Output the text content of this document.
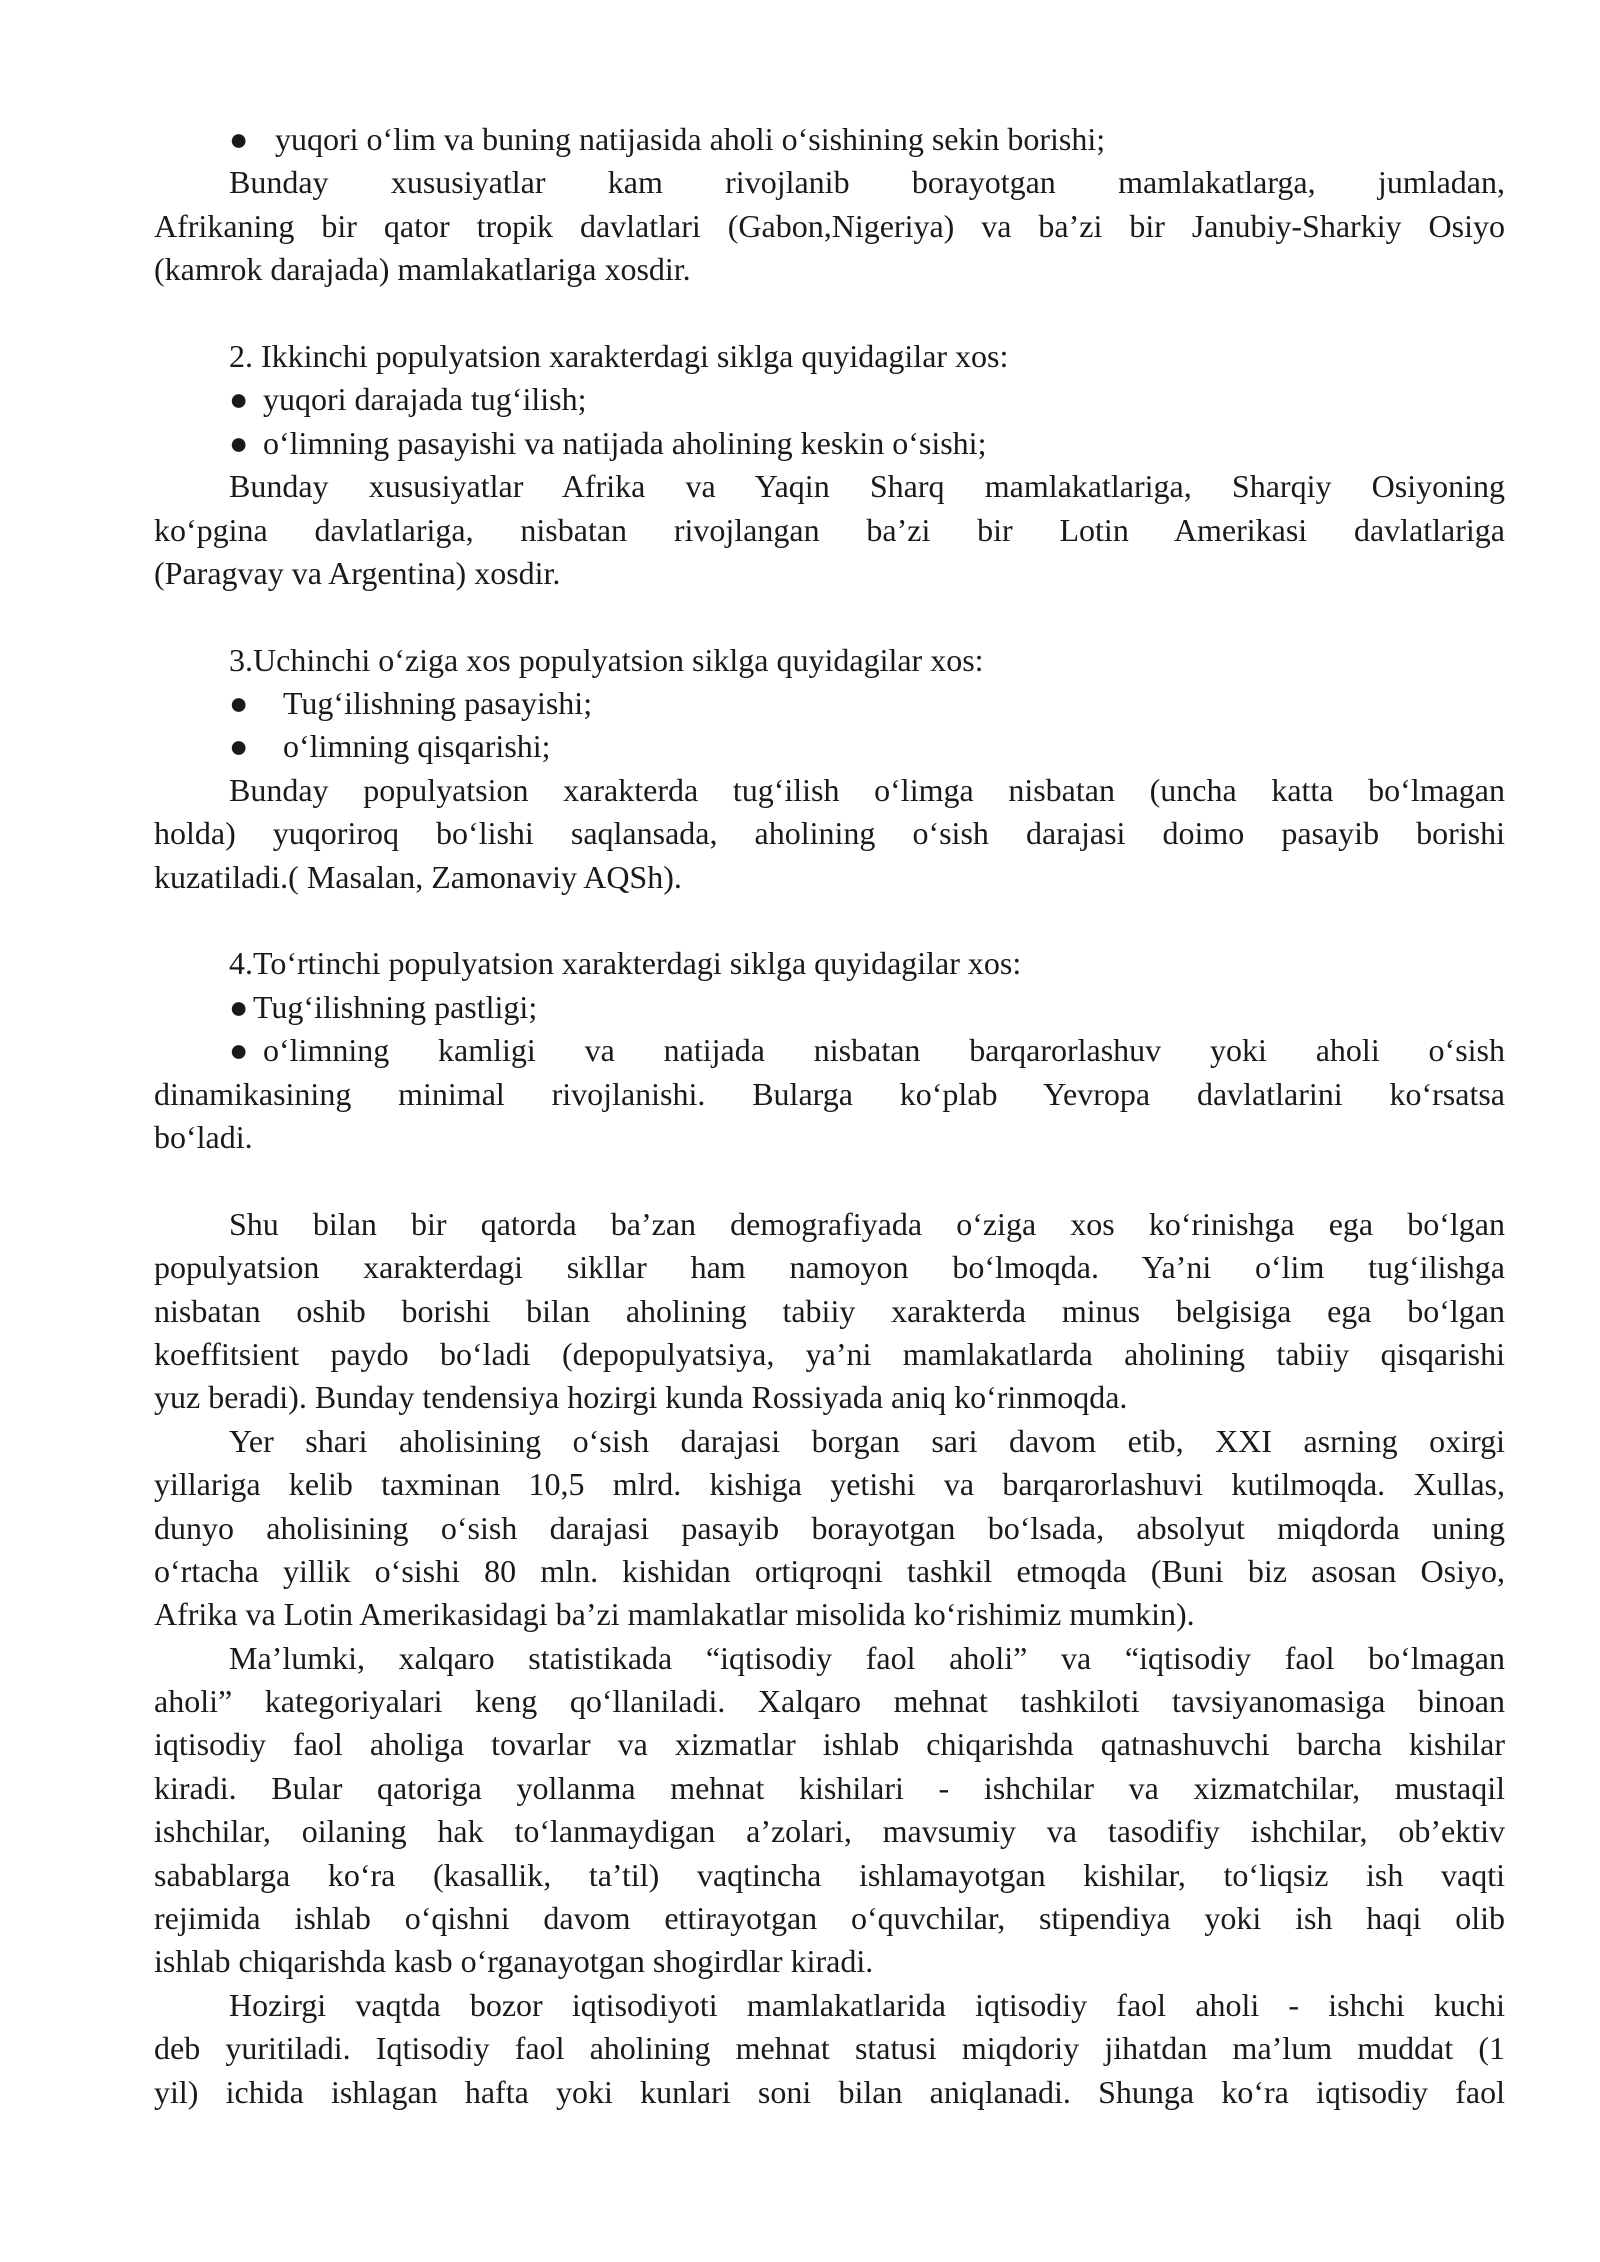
● yuqori o‘lim va buning natijasida aholi o‘sishining sekin borishi;
Bunday xususiyatlar kam rivojlanib borayotgan mamlakatlarga, jumladan,
Afrikaning bir qator tropik davlatlari (Gabon,Nigeriya) va ba’zi bir Janubiy-Sharkiy Osiyo
(kamrok darajada) mamlakatlariga xosdir.
2. Ikkinchi populyatsion xarakterdagi siklga quyidagilar xos:
● yuqori darajada tug‘ilish;
● o‘limning pasayishi va natijada aholining keskin o‘sishi;
Bunday xususiyatlar Afrika va Yaqin Sharq mamlakatlariga, Sharqiy Osiyoning
ko‘pgina davlatlariga, nisbatan rivojlangan ba’zi bir Lotin Amerikasi davlatlariga
(Paragvay va Argentina) xosdir.
3.Uchinchi o‘ziga xos populyatsion siklga quyidagilar xos:
● Tug‘ilishning pasayishi;
● o‘limning qisqarishi;
Bunday populyatsion xarakterda tug‘ilish o‘limga nisbatan (uncha katta bo‘lmagan
holda) yuqoriroq bo‘lishi saqlansada, aholining o‘sish darajasi doimo pasayib borishi
kuzatiladi.( Masalan, Zamonaviy AQSh).
4.To‘rtinchi populyatsion xarakterdagi siklga quyidagilar xos:
● Tug‘ilishning pastligi;
● o‘limning kamligi va natijada nisbatan barqarorlashuv yoki aholi o‘sish
dinamikasining minimal rivojlanishi. Bularga ko‘plab Yevropa davlatlarini ko‘rsatsa
bo‘ladi.
Shu bilan bir qatorda ba’zan demografiyada o‘ziga xos ko‘rinishga ega bo‘lgan
populyatsion xarakterdagi sikllar ham namoyon bo‘lmoqda. Ya’ni o‘lim tug‘ilishga
nisbatan oshib borishi bilan aholining tabiiy xarakterda minus belgisiga ega bo‘lgan
koeffitsient paydo bo‘ladi (depopulyatsiya, ya’ni mamlakatlarda aholining tabiiy qisqarishi
yuz beradi). Bunday tendensiya hozirgi kunda Rossiyada aniq ko‘rinmoqda.
Yer shari aholisining o‘sish darajasi borgan sari davom etib, XXI asrning oxirgi
yillariga kelib taxminan 10,5 mlrd. kishiga yetishi va barqarorlashuvi kutilmoqda. Xullas,
dunyo aholisining o‘sish darajasi pasayib borayotgan bo‘lsada, absolyut miqdorda uning
o‘rtacha yillik o‘sishi 80 mln. kishidan ortiqroqni tashkil etmoqda (Buni biz asosan Osiyo,
Afrika va Lotin Amerikasidagi ba’zi mamlakatlar misolida ko‘rishimiz mumkin).
Ma’lumki, xalqaro statistikada “iqtisodiy faol aholi” va “iqtisodiy faol bo‘lmagan
aholi” kategoriyalari keng qo‘llaniladi. Xalqaro mehnat tashkiloti tavsiyanomasiga binoan
iqtisodiy faol aholiga tovarlar va xizmatlar ishlab chiqarishda qatnashuvchi barcha kishilar
kiradi. Bular qatoriga yollanma mehnat kishilari - ishchilar va xizmatchilar, mustaqil
ishchilar, oilaning hak to‘lanmaydigan a’zolari, mavsumiy va tasodifiy ishchilar, ob’ektiv
sabablarga ko‘ra (kasallik, ta’til) vaqtincha ishlamayotgan kishilar, to‘liqsiz ish vaqti
rejimida ishlab o‘qishni davom ettirayotgan o‘quvchilar, stipendiya yoki ish haqi olib
ishlab chiqarishda kasb o‘rganayotgan shogirdlar kiradi.
Hozirgi vaqtda bozor iqtisodiyoti mamlakatlarida iqtisodiy faol aholi - ishchi kuchi
deb yuritiladi. Iqtisodiy faol aholining mehnat statusi miqdoriy jihatdan ma’lum muddat (1
yil) ichida ishlagan hafta yoki kunlari soni bilan aniqlanadi. Shunga ko‘ra iqtisodiy faol
